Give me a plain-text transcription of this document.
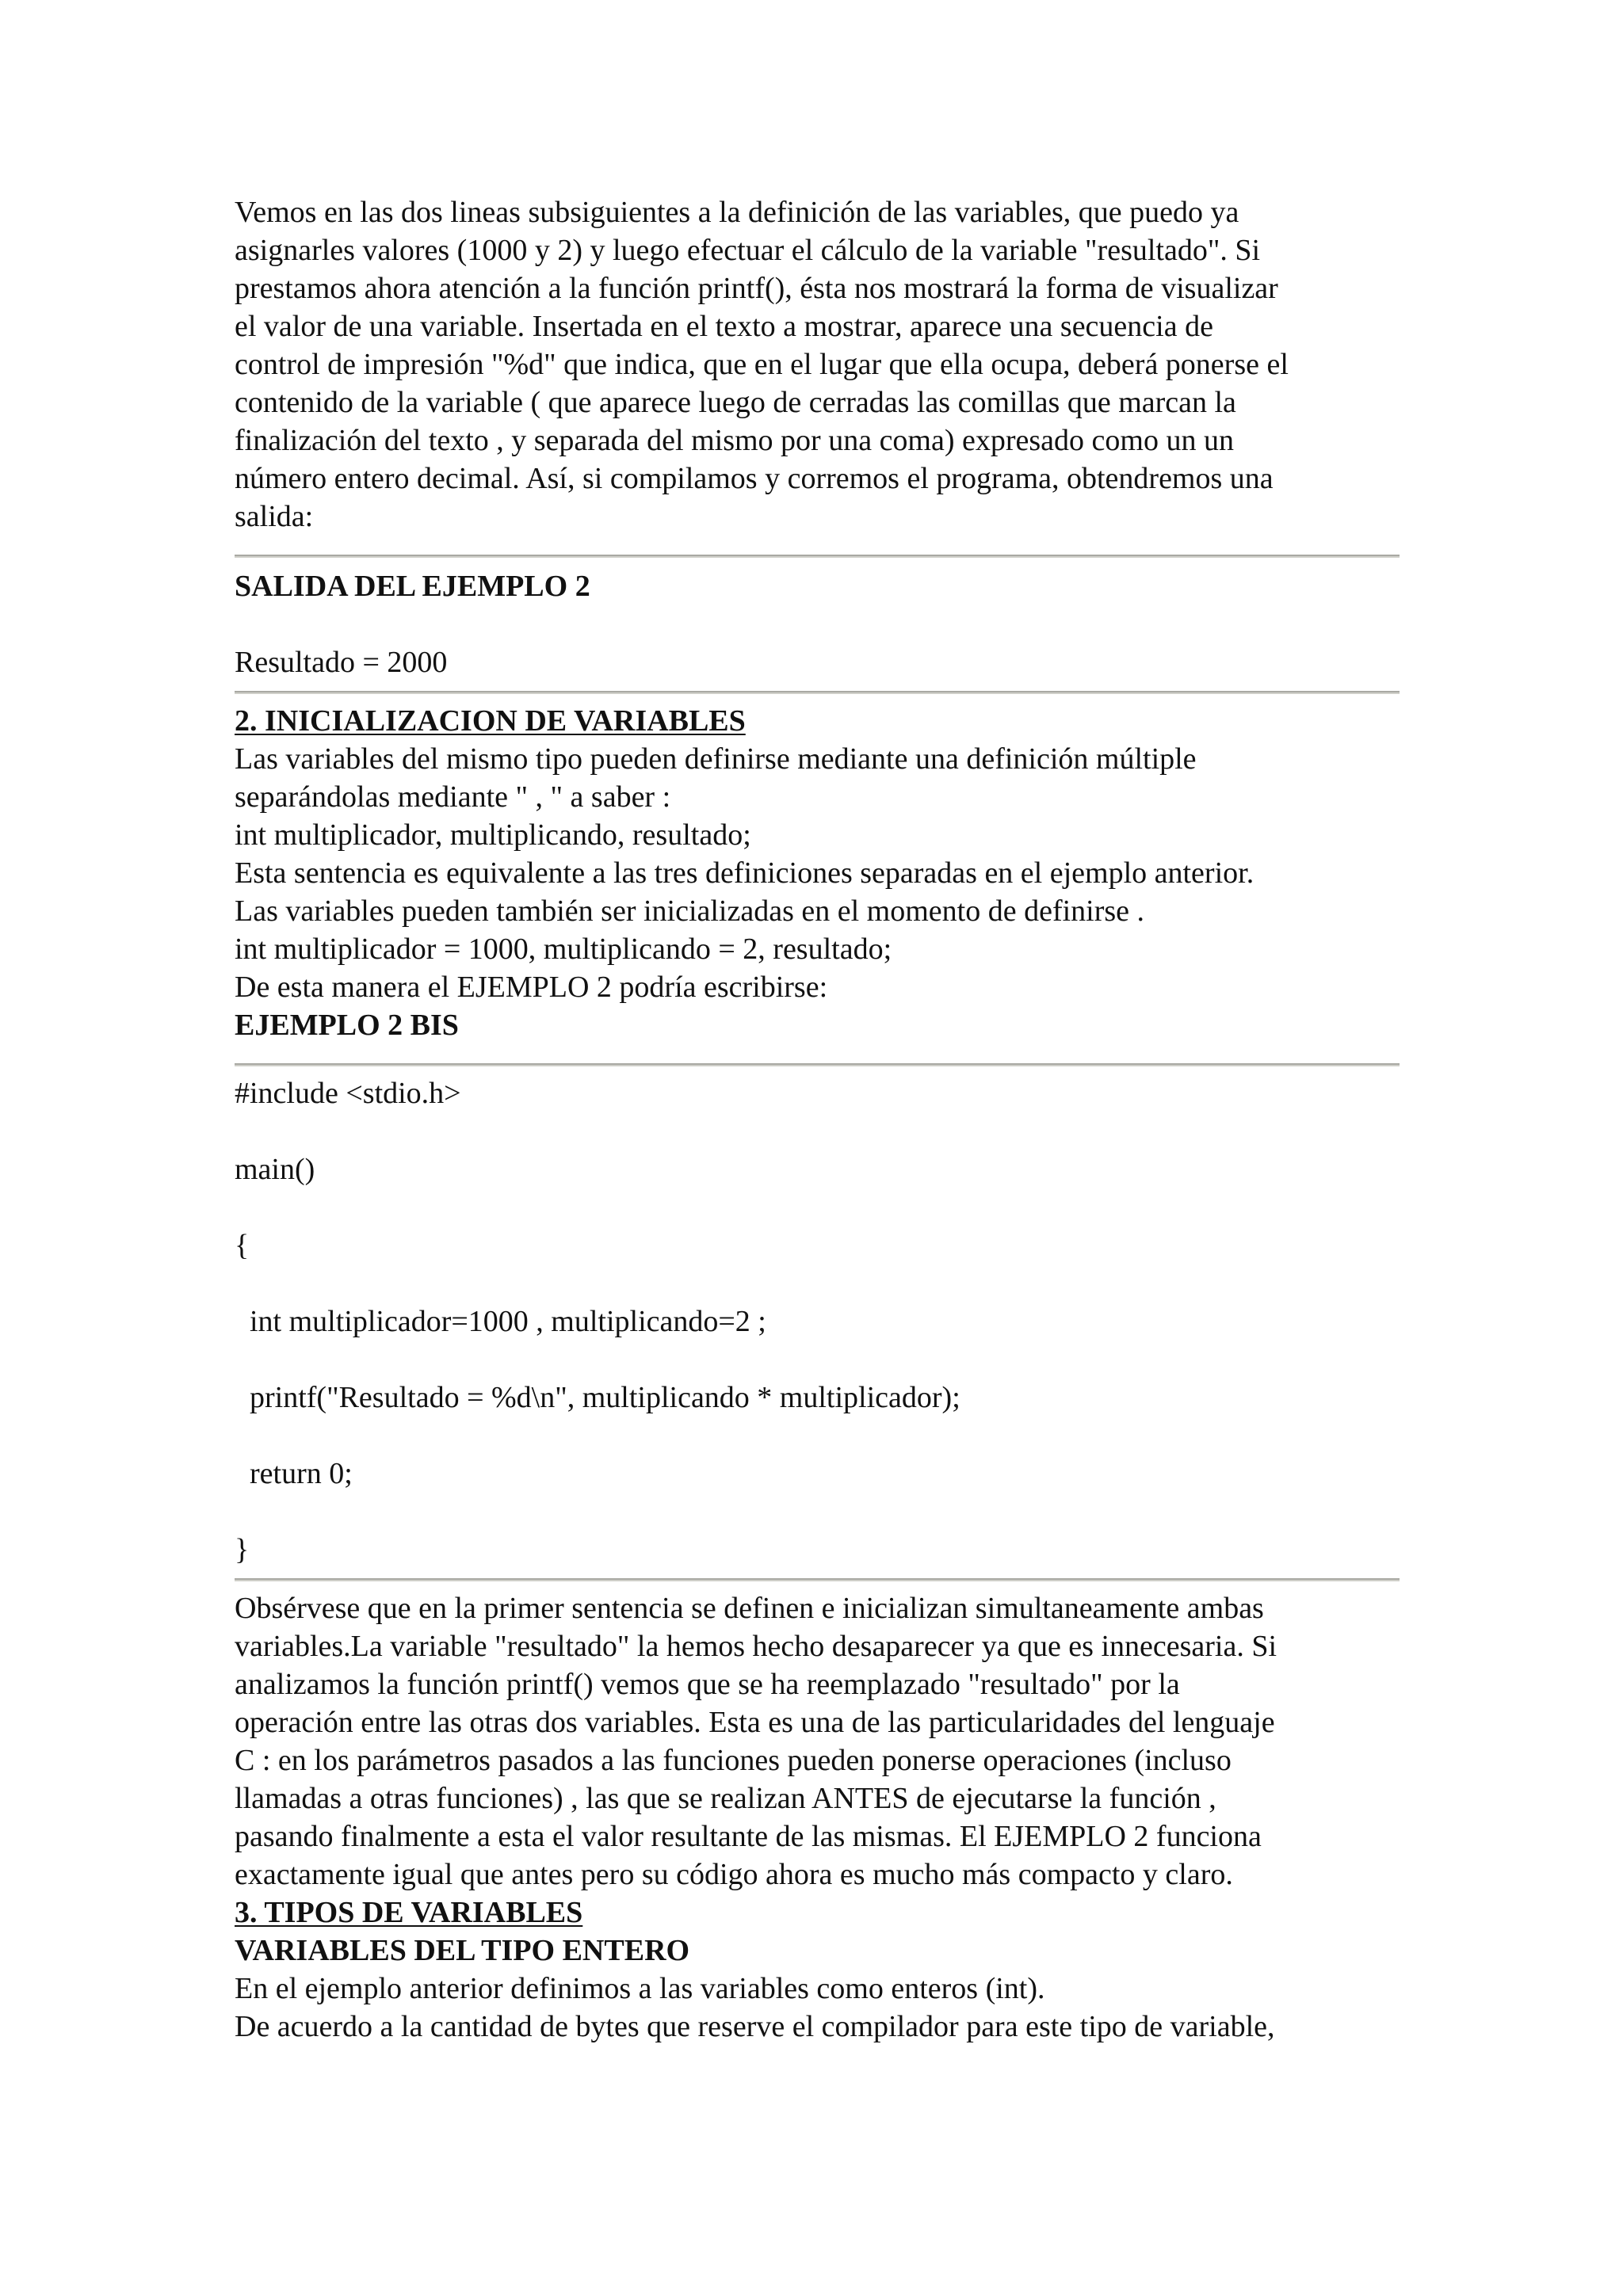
Vemos en las dos lineas subsiguientes a la definición de las variables, que puedo ya
asignarles valores (1000 y 2) y luego efectuar el cálculo de la variable "resultado". Si
prestamos ahora atención a la función printf(), ésta nos mostrará la forma de visualizar
el valor de una variable. Insertada en el texto a mostrar, aparece una secuencia de
control de impresión "%d" que indica, que en el lugar que ella ocupa, deberá ponerse el
contenido de la variable ( que aparece luego de cerradas las comillas que marcan la
finalización del texto , y separada del mismo por una coma) expresado como un un
número entero decimal. Así, si compilamos y corremos el programa, obtendremos una
salida:
SALIDA DEL EJEMPLO 2
Resultado = 2000
2. INICIALIZACION DE VARIABLES
Las variables del mismo tipo pueden definirse mediante una definición múltiple
separándolas mediante " , " a saber :
int multiplicador, multiplicando, resultado;
Esta sentencia es equivalente a las tres definiciones separadas en el ejemplo anterior.
Las variables pueden también ser inicializadas en el momento de definirse .
int multiplicador = 1000, multiplicando = 2, resultado;
De esta manera el EJEMPLO 2 podría escribirse:
EJEMPLO 2 BIS
#include <stdio.h>
main()
{
int multiplicador=1000 , multiplicando=2 ;
printf("Resultado = %d\n", multiplicando * multiplicador);
return 0;
}
Obsérvese que en la primer sentencia se definen e inicializan simultaneamente ambas
variables.La variable "resultado" la hemos hecho desaparecer ya que es innecesaria. Si
analizamos la función printf() vemos que se ha reemplazado "resultado" por la
operación entre las otras dos variables. Esta es una de las particularidades del lenguaje
C : en los parámetros pasados a las funciones pueden ponerse operaciones (incluso
llamadas a otras funciones) , las que se realizan ANTES de ejecutarse la función ,
pasando finalmente a esta el valor resultante de las mismas. El EJEMPLO 2 funciona
exactamente igual que antes pero su código ahora es mucho más compacto y claro.
3. TIPOS DE VARIABLES
VARIABLES DEL TIPO ENTERO
En el ejemplo anterior definimos a las variables como enteros (int).
De acuerdo a la cantidad de bytes que reserve el compilador para este tipo de variable,
